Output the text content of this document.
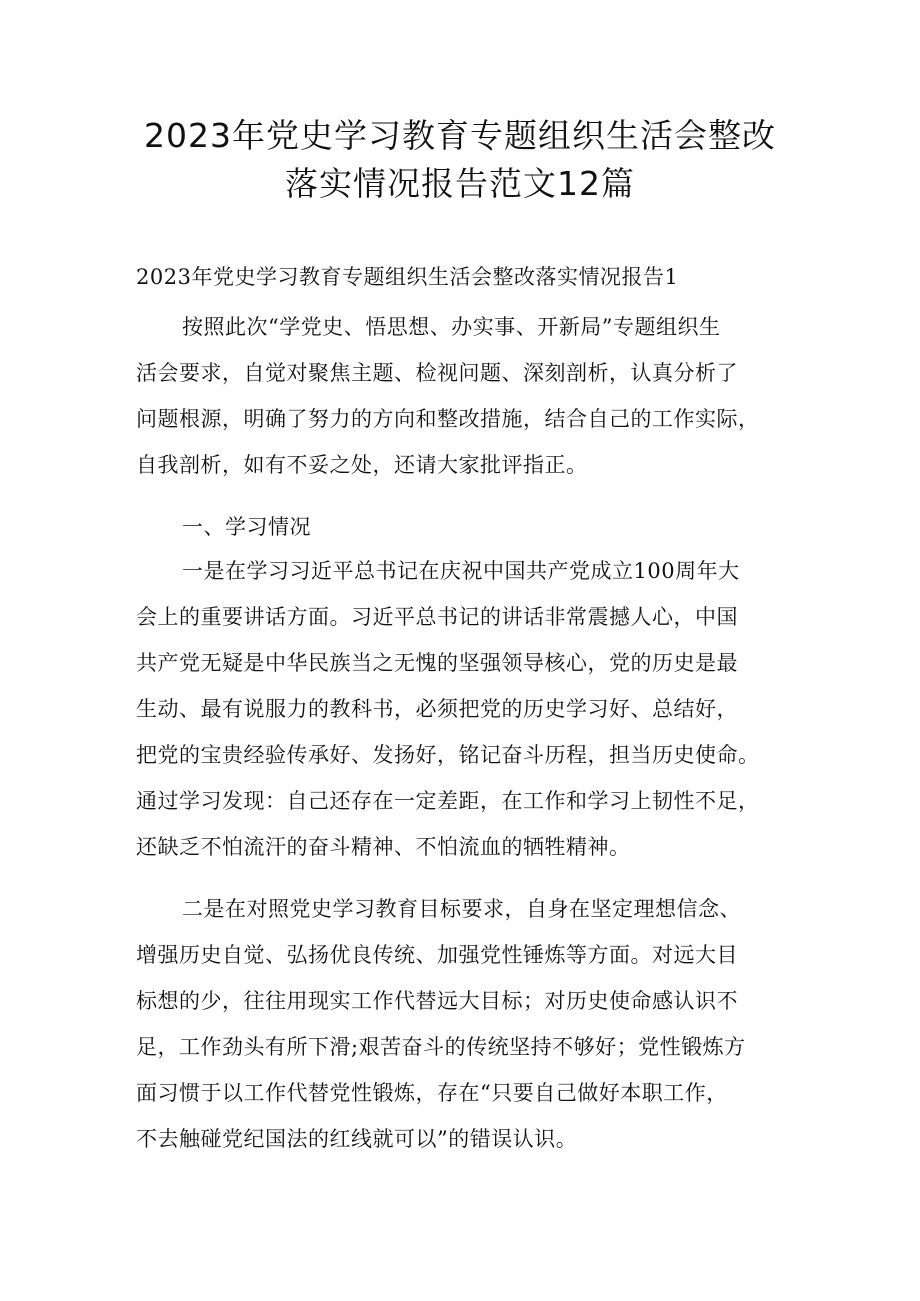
2023年党史学习教育专题组织生活会整改
落实情况报告范文12篇
2023年党史学习教育专题组织生活会整改落实情况报告1
按照此次“学党史、悟思想、办实事、开新局”专题组织生
活会要求，自觉对聚焦主题、检视问题、深刻剖析，认真分析了
问题根源，明确了努力的方向和整改措施，结合自己的工作实际，
自我剖析，如有不妥之处，还请大家批评指正。
一、学习情况
一是在学习习近平总书记在庆祝中国共产党成立100周年大
会上的重要讲话方面。习近平总书记的讲话非常震撼人心，中国
共产党无疑是中华民族当之无愧的坚强领导核心，党的历史是最
生动、最有说服力的教科书，必须把党的历史学习好、总结好，
把党的宝贵经验传承好、发扬好，铭记奋斗历程，担当历史使命。
通过学习发现：自己还存在一定差距，在工作和学习上韧性不足，
还缺乏不怕流汗的奋斗精神、不怕流血的牺牲精神。
二是在对照党史学习教育目标要求，自身在坚定理想信念、
增强历史自觉、弘扬优良传统、加强党性锤炼等方面。对远大目
标想的少，往往用现实工作代替远大目标；对历史使命感认识不
足，工作劲头有所下滑;艰苦奋斗的传统坚持不够好；党性锻炼方
面习惯于以工作代替党性锻炼，存在“只要自己做好本职工作，
不去触碰党纪国法的红线就可以”的错误认识。
